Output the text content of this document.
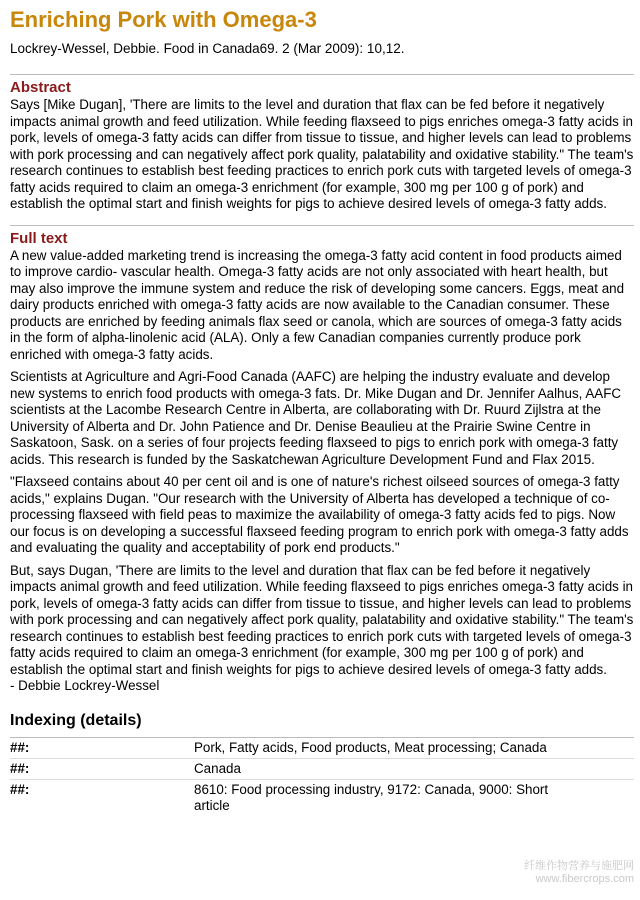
Enriching Pork with Omega-3

Lockrey-Wessel, Debbie. Food in Canada69. 2 (Mar 2009): 10,12.

Abstract

Says [Mike Dugan], 'There are limits to the level and duration that flax can be fed before it negatively impacts animal growth and feed utilization. While feeding flaxseed to pigs enriches omega-3 fatty acids in pork, levels of omega-3 fatty acids can differ from tissue to tissue, and higher levels can lead to problems with pork processing and can negatively affect pork quality, palatability and oxidative stability." The team's research continues to establish best feeding practices to enrich pork cuts with targeted levels of omega-3 fatty acids required to claim an omega-3 enrichment (for example, 300 mg per 100 g of pork) and establish the optimal start and finish weights for pigs to achieve desired levels of omega-3 fatty adds.

Full text

A new value-added marketing trend is increasing the omega-3 fatty acid content in food products aimed to improve cardio- vascular health. Omega-3 fatty acids are not only associated with heart health, but may also improve the immune system and reduce the risk of developing some cancers. Eggs, meat and dairy products enriched with omega-3 fatty acids are now available to the Canadian consumer. These products are enriched by feeding animals flax seed or canola, which are sources of omega-3 fatty acids in the form of alpha-linolenic acid (ALA). Only a few Canadian companies currently produce pork enriched with omega-3 fatty acids.

Scientists at Agriculture and Agri-Food Canada (AAFC) are helping the industry evaluate and develop new systems to enrich food products with omega-3 fats. Dr. Mike Dugan and Dr. Jennifer Aalhus, AAFC scientists at the Lacombe Research Centre in Alberta, are collaborating with Dr. Ruurd Zijlstra at the University of Alberta and Dr. John Patience and Dr. Denise Beaulieu at the Prairie Swine Centre in Saskatoon, Sask. on a series of four projects feeding flaxseed to pigs to enrich pork with omega-3 fatty acids. This research is funded by the Saskatchewan Agriculture Development Fund and Flax 2015.

"Flaxseed contains about 40 per cent oil and is one of nature's richest oilseed sources of omega-3 fatty acids," explains Dugan. "Our research with the University of Alberta has developed a technique of co-processing flaxseed with field peas to maximize the availability of omega-3 fatty acids fed to pigs. Now our focus is on developing a successful flaxseed feeding program to enrich pork with omega-3 fatty adds and evaluating the quality and acceptability of pork end products."

But, says Dugan, 'There are limits to the level and duration that flax can be fed before it negatively impacts animal growth and feed utilization. While feeding flaxseed to pigs enriches omega-3 fatty acids in pork, levels of omega-3 fatty acids can differ from tissue to tissue, and higher levels can lead to problems with pork processing and can negatively affect pork quality, palatability and oxidative stability." The team's research continues to establish best feeding practices to enrich pork cuts with targeted levels of omega-3 fatty acids required to claim an omega-3 enrichment (for example, 300 mg per 100 g of pork) and establish the optimal start and finish weights for pigs to achieve desired levels of omega-3 fatty adds.

- Debbie Lockrey-Wessel

Indexing (details)
##:	Pork, Fatty acids, Food products, Meat processing; Canada
##:	Canada
##:	8610: Food processing industry, 9172: Canada, 9000: Short article
纤维作物营养与施肥网
www.fibercrops.com
